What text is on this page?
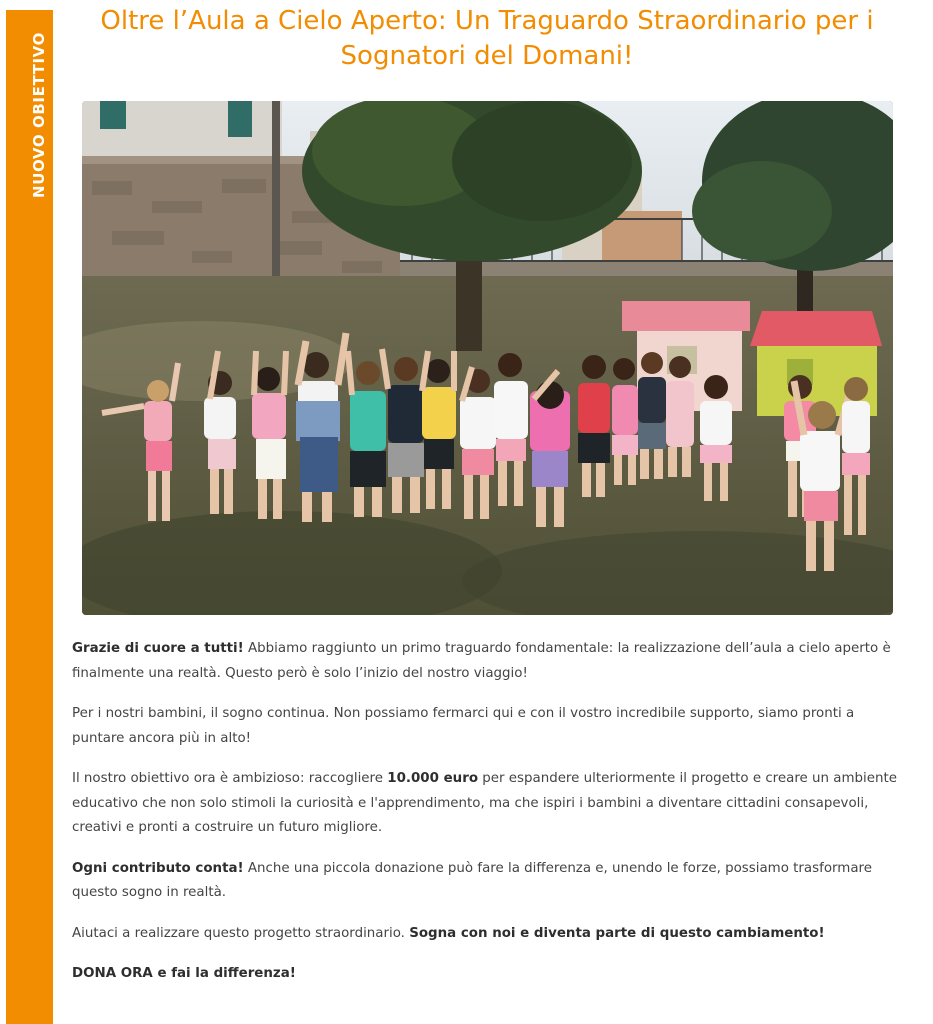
NUOVO OBIETTIVO
Oltre l’Aula a Cielo Aperto: Un Traguardo Straordinario per i Sognatori del Domani!

Grazie di cuore a tutti! Abbiamo raggiunto un primo traguardo fondamentale: la realizzazione dell’aula a cielo aperto è finalmente una realtà. Questo però è solo l’inizio del nostro viaggio!

Per i nostri bambini, il sogno continua. Non possiamo fermarci qui e con il vostro incredibile supporto, siamo pronti a puntare ancora più in alto!

Il nostro obiettivo ora è ambizioso: raccogliere 10.000 euro per espandere ulteriormente il progetto e creare un ambiente educativo che non solo stimoli la curiosità e l'apprendimento, ma che ispiri i bambini a diventare cittadini consapevoli, creativi e pronti a costruire un futuro migliore.

Ogni contributo conta! Anche una piccola donazione può fare la differenza e, unendo le forze, possiamo trasformare questo sogno in realtà.

Aiutaci a realizzare questo progetto straordinario. Sogna con noi e diventa parte di questo cambiamento!

DONA ORA e fai la differenza!
